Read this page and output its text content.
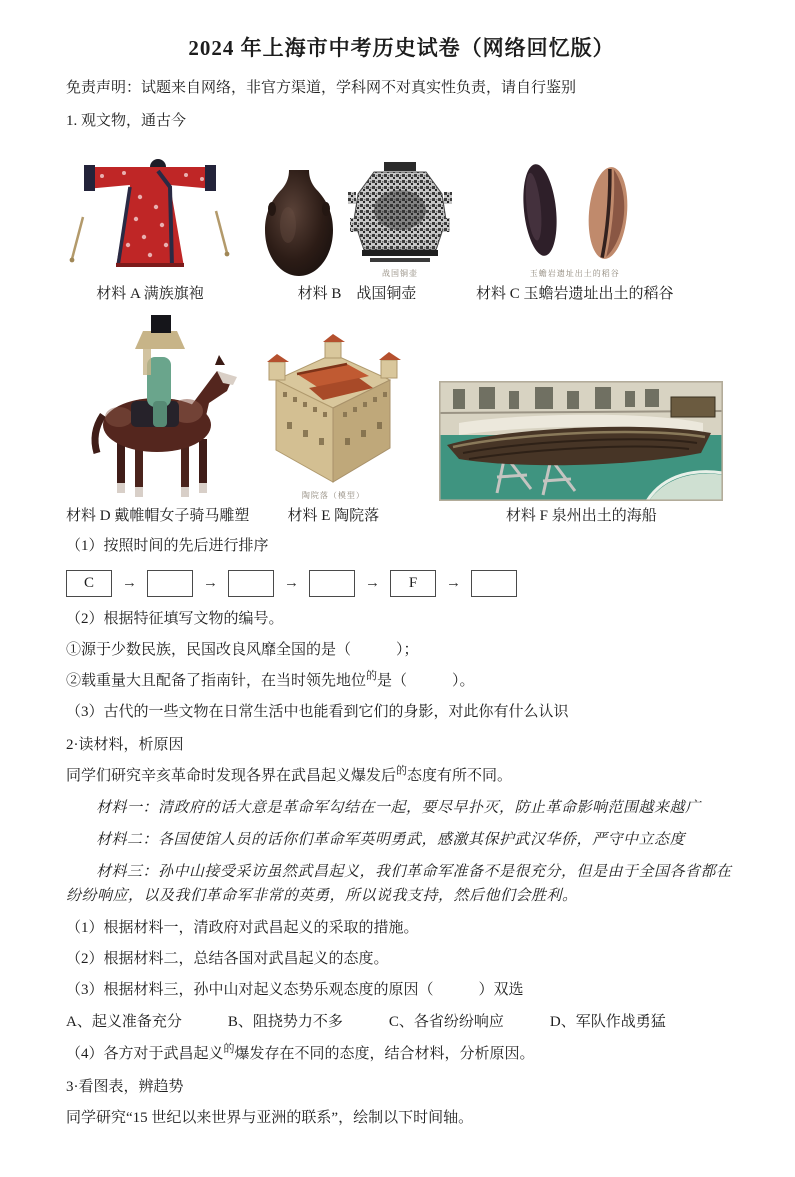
2024 年上海市中考历史试卷（网络回忆版）
免责声明：试题来自网络，非官方渠道，学科网不对真实性负责，请自行鉴别
1. 观文物，通古今
材料 A 满族旗袍
战国铜壶
材料 B　战国铜壶
玉蟾岩遗址出土的稻谷
材料 C 玉蟾岩遗址出土的稻谷
材料 D 戴帷帽女子骑马雕塑
陶院落（模型）
材料 E 陶院落	材料 F 泉州出土的海船
（1）按照时间的先后进行排序
C	→	→	→	→	F	→
（2）根据特征填写文物的编号。
①源于少数民族，民国改良风靡全国的是（　　　）；
②载重量大且配备了指南针，在当时领先地位$^的$是（　　　）。
（3）古代的一些文物在日常生活中也能看到它们的身影，对此你有什么认识
2·读材料，析原因
同学们研究辛亥革命时发现各界在武昌起义爆发后$^的$态度有所不同。
材料一：清政府的话大意是革命军勾结在一起，要尽早扑灭，防止革命影响范围越来越广
材料二：各国使馆人员的话你们革命军英明勇武，感激其保护武汉华侨，严守中立态度
材料三：孙中山接受采访虽然武昌起义，我们革命军准备不是很充分，但是由于全国各省都在纷纷响应，以及我们革命军非常的英勇，所以说我支持，然后他们会胜利。
（1）根据材料一，清政府对武昌起义的采取的措施。
（2）根据材料二，总结各国对武昌起义的态度。
（3）根据材料三，孙中山对起义态势乐观态度的原因（　　　）双选
A、起义准备充分	B、阻挠势力不多	C、各省纷纷响应	D、军队作战勇猛
（4）各方对于武昌起义$^的$爆发存在不同的态度，结合材料，分析原因。
3·看图表，辨趋势
同学研究“15 世纪以来世界与亚洲的联系”，绘制以下时间轴。
